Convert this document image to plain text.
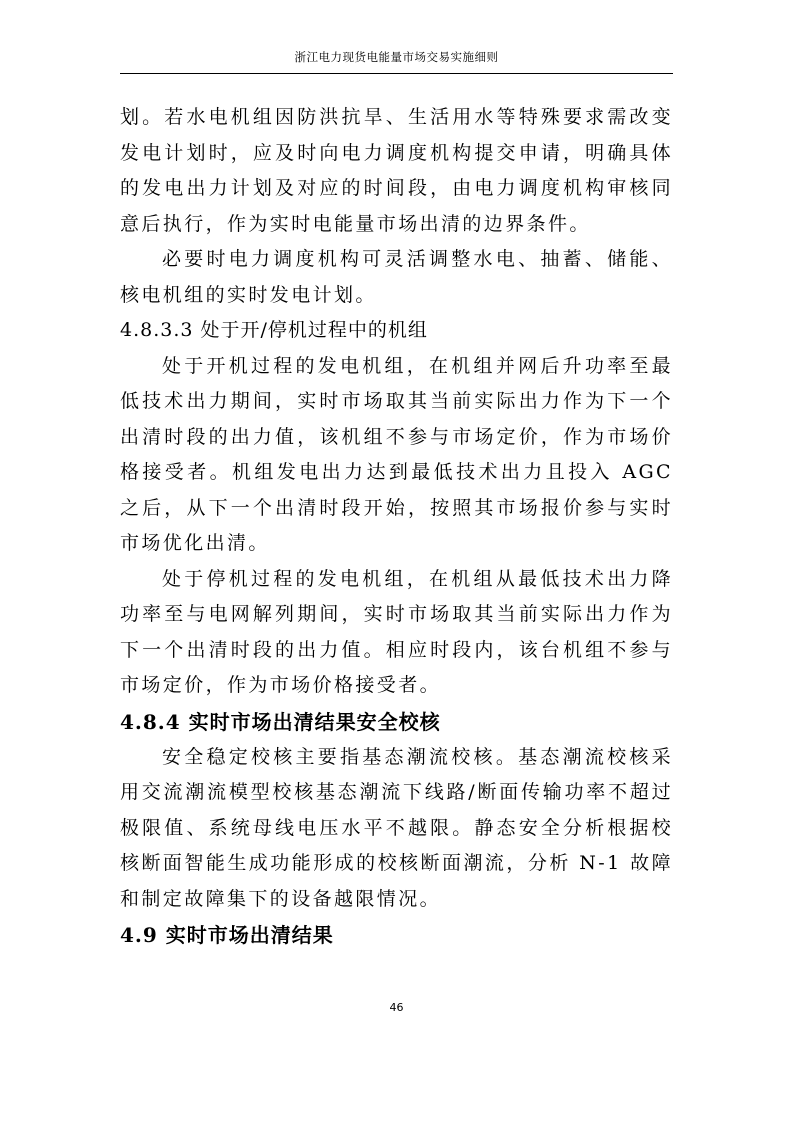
浙江电力现货电能量市场交易实施细则

划。若水电机组因防洪抗旱、生活用水等特殊要求需改变发电计划时，应及时向电力调度机构提交申请，明确具体的发电出力计划及对应的时间段，由电力调度机构审核同意后执行，作为实时电能量市场出清的边界条件。

必要时电力调度机构可灵活调整水电、抽蓄、储能、核电机组的实时发电计划。

4.8.3.3 处于开/停机过程中的机组

处于开机过程的发电机组，在机组并网后升功率至最低技术出力期间，实时市场取其当前实际出力作为下一个出清时段的出力值，该机组不参与市场定价，作为市场价格接受者。机组发电出力达到最低技术出力且投入 AGC 之后，从下一个出清时段开始，按照其市场报价参与实时市场优化出清。

处于停机过程的发电机组，在机组从最低技术出力降功率至与电网解列期间，实时市场取其当前实际出力作为下一个出清时段的出力值。相应时段内，该台机组不参与市场定价，作为市场价格接受者。

4.8.4 实时市场出清结果安全校核

安全稳定校核主要指基态潮流校核。基态潮流校核采用交流潮流模型校核基态潮流下线路/断面传输功率不超过极限值、系统母线电压水平不越限。静态安全分析根据校核断面智能生成功能形成的校核断面潮流，分析 N-1 故障和制定故障集下的设备越限情况。

4.9 实时市场出清结果

46
